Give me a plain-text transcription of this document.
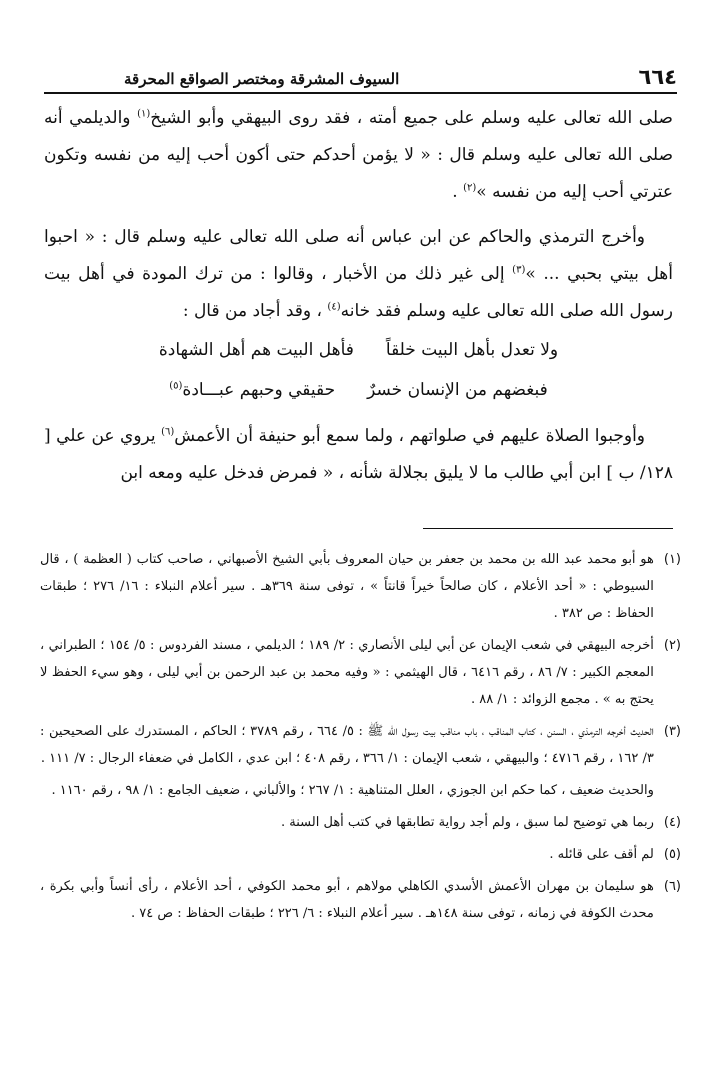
٦٦٤
السيوف المشرقة ومختصر الصواقع المحرقة

صلى الله تعالى عليه وسلم على جميع أمته ، فقد روى البيهقي وأبو الشيخ$^{(١)}$ والديلمي أنه صلى الله تعالى عليه وسلم قال : « لا يؤمن أحدكم حتى أكون أحب إليه من نفسه وتكون عترتي أحب إليه من نفسه »$^{(٢)}$ .

وأخرج الترمذي والحاكم عن ابن عباس أنه صلى الله تعالى عليه وسلم قال : « احبوا أهل بيتي بحبي ... »$^{(٣)}$ إلى غير ذلك من الأخبار ، وقالوا : من ترك المودة في أهل بيت رسول الله صلى الله تعالى عليه وسلم فقد خانه$^{(٤)}$ ، وقد أجاد من قال :

ولا تعدل بأهل البيت خلقاً
فأهل البيت هم أهل الشهادة
فبغضهم من الإنسان خسرٌ
حقيقي وحبهم عبـــادة$^{(٥)}$

وأوجبوا الصلاة عليهم في صلواتهم ، ولما سمع أبو حنيفة أن الأعمش$^{(٦)}$ يروي عن علي [ ١٢٨/ ب ] ابن أبي طالب ما لا يليق بجلالة شأنه ، « فمرض فدخل عليه ومعه ابن

(١)
هو أبو محمد عبد الله بن محمد بن جعفر بن حيان المعروف بأبي الشيخ الأصبهاني ، صاحب كتاب ( العظمة ) ، قال السيوطي : « أحد الأعلام ، كان صالحاً خيراً قانتاً » ، توفى سنة ٣٦٩هـ . سير أعلام النبلاء : ١٦/ ٢٧٦ ؛ طبقات الحفاظ : ص ٣٨٢ .
(٢)
أخرجه البيهقي في شعب الإيمان عن أبي ليلى الأنصاري : ٢/ ١٨٩ ؛ الديلمي ، مسند الفردوس : ٥/ ١٥٤ ؛ الطبراني ، المعجم الكبير : ٧/ ٨٦ ، رقم ٦٤١٦ ، قال الهيثمي : « وفيه محمد بن عبد الرحمن بن أبي ليلى ، وهو سيء الحفظ لا يحتج به » . مجمع الزوائد : ١/ ٨٨ .
(٣)

الحديث أخرجه الترمذي ، السنن ، كتاب المناقب ، باب مناقب بيت رسول الله ﷺ : ٥/ ٦٦٤ ، رقم ٣٧٨٩ ؛ الحاكم ، المستدرك على الصحيحين : ٣/ ١٦٢ ، رقم ٤٧١٦ ؛ والبيهقي ، شعب الإيمان : ١/ ٣٦٦ ، رقم ٤٠٨ ؛ ابن عدي ، الكامل في ضعفاء الرجال : ٧/ ١١١ .

والحديث ضعيف ، كما حكم ابن الجوزي ، العلل المتناهية : ١/ ٢٦٧ ؛ والألباني ، ضعيف الجامع : ١/ ٩٨ ، رقم ١١٦٠ .

(٤)
ربما هي توضيح لما سبق ، ولم أجد رواية تطابقها في كتب أهل السنة .
(٥)
لم أقف على قائله .
(٦)
هو سليمان بن مهران الأعمش الأسدي الكاهلي مولاهم ، أبو محمد الكوفي ، أحد الأعلام ، رأى أنساً وأبي بكرة ، محدث الكوفة في زمانه ، توفى سنة ١٤٨هـ . سير أعلام النبلاء : ٦/ ٢٢٦ ؛ طبقات الحفاظ : ص ٧٤ .
